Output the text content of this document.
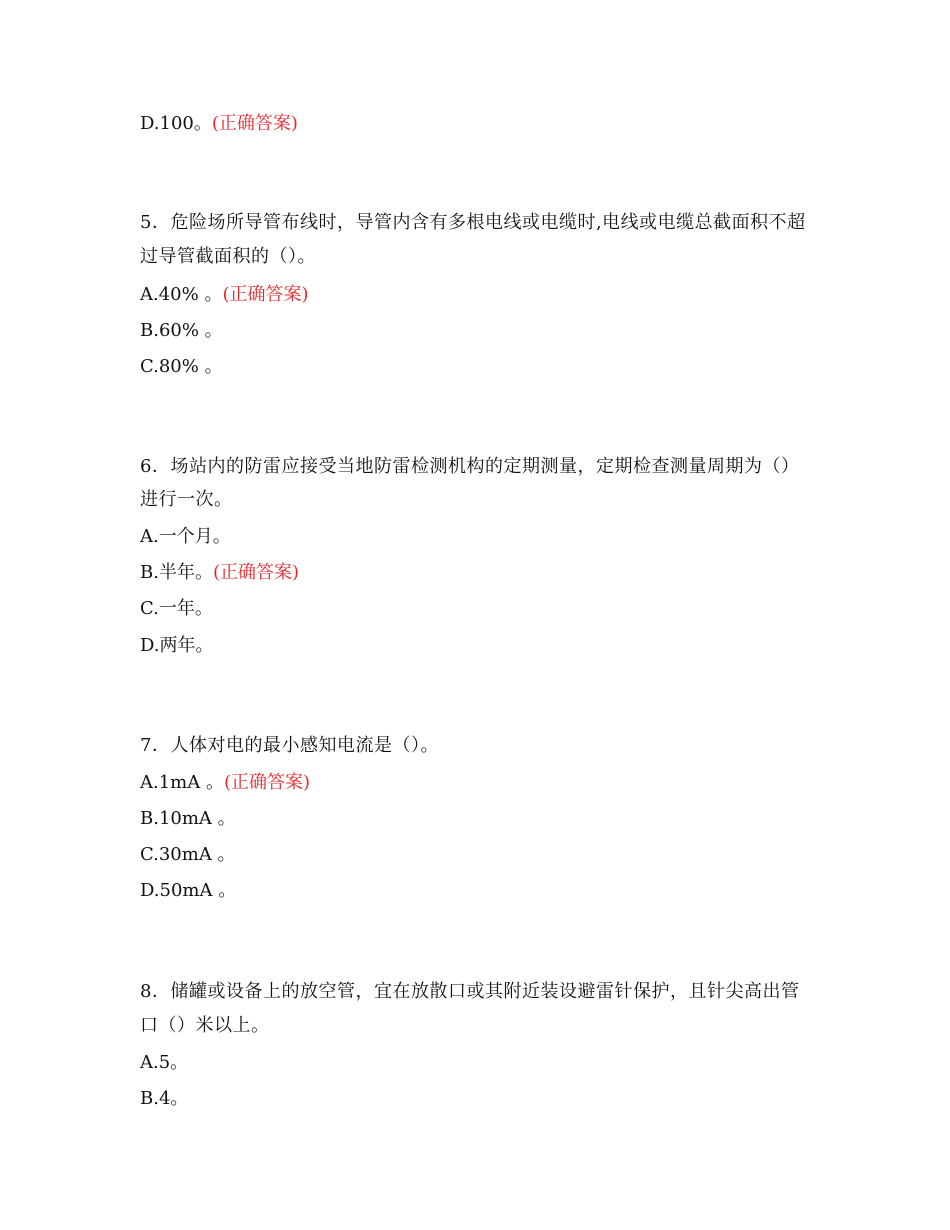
D.100。(正确答案)
5．危险场所导管布线时，导管内含有多根电线或电缆时,电线或电缆总截面积不超
过导管截面积的（）。
A.40% 。(正确答案)
B.60% 。
C.80% 。
6．场站内的防雷应接受当地防雷检测机构的定期测量，定期检查测量周期为（）
进行一次。
A.一个月。
B.半年。(正确答案)
C.一年。
D.两年。
7．人体对电的最小感知电流是（）。
A.1mA 。(正确答案)
B.10mA 。
C.30mA 。
D.50mA 。
8．储罐或设备上的放空管，宜在放散口或其附近装设避雷针保护，且针尖高出管
口（）米以上。
A.5。
B.4。
